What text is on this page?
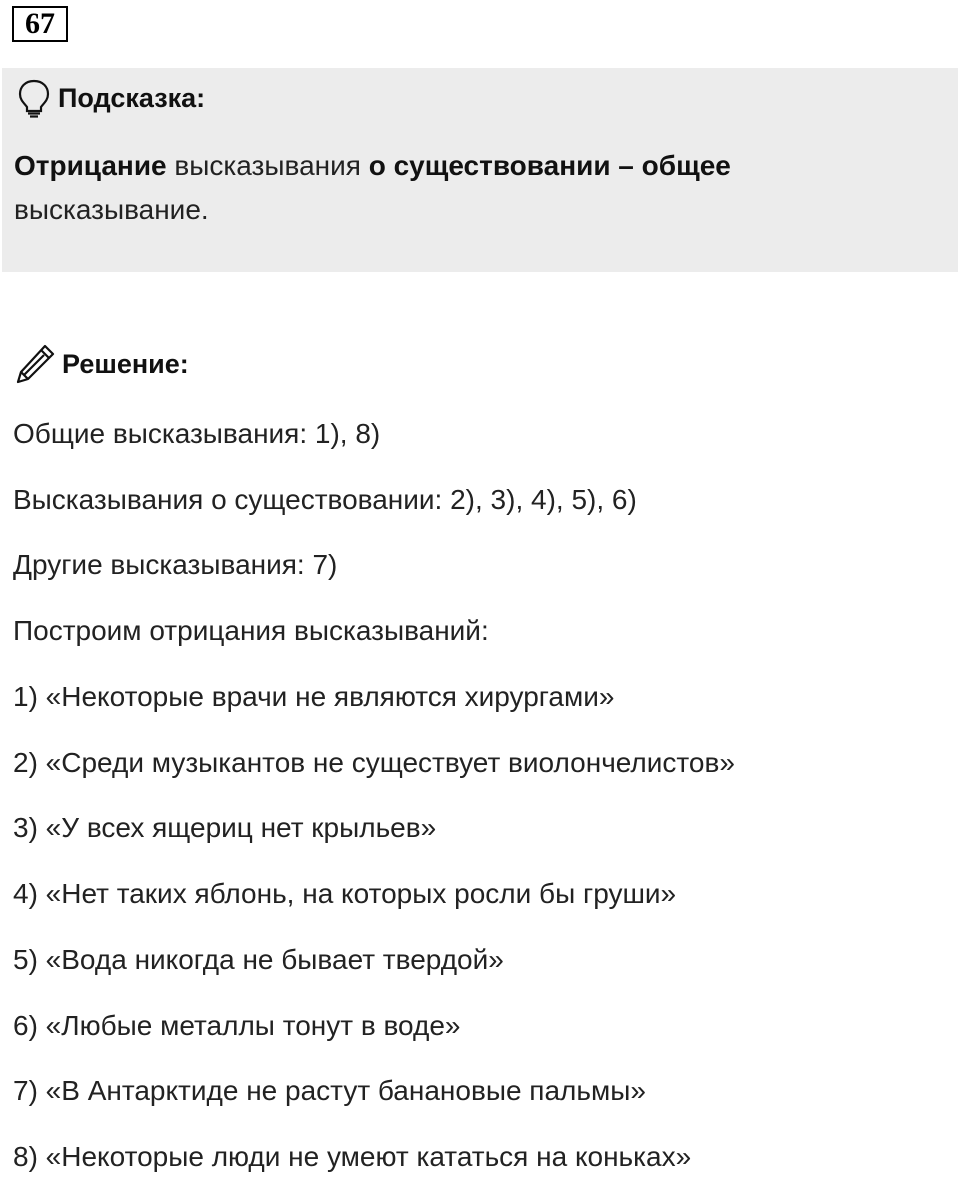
67
Подсказка:
Отрицание высказывания о существовании – общее высказывание.
Решение:
Общие высказывания: 1), 8)
Высказывания о существовании: 2), 3), 4), 5), 6)
Другие высказывания: 7)
Построим отрицания высказываний:
1) «Некоторые врачи не являются хирургами»
2) «Среди музыкантов не существует виолончелистов»
3) «У всех ящериц нет крыльев»
4) «Нет таких яблонь, на которых росли бы груши»
5) «Вода никогда не бывает твердой»
6) «Любые металлы тонут в воде»
7) «В Антарктиде не растут банановые пальмы»
8) «Некоторые люди не умеют кататься на коньках»
